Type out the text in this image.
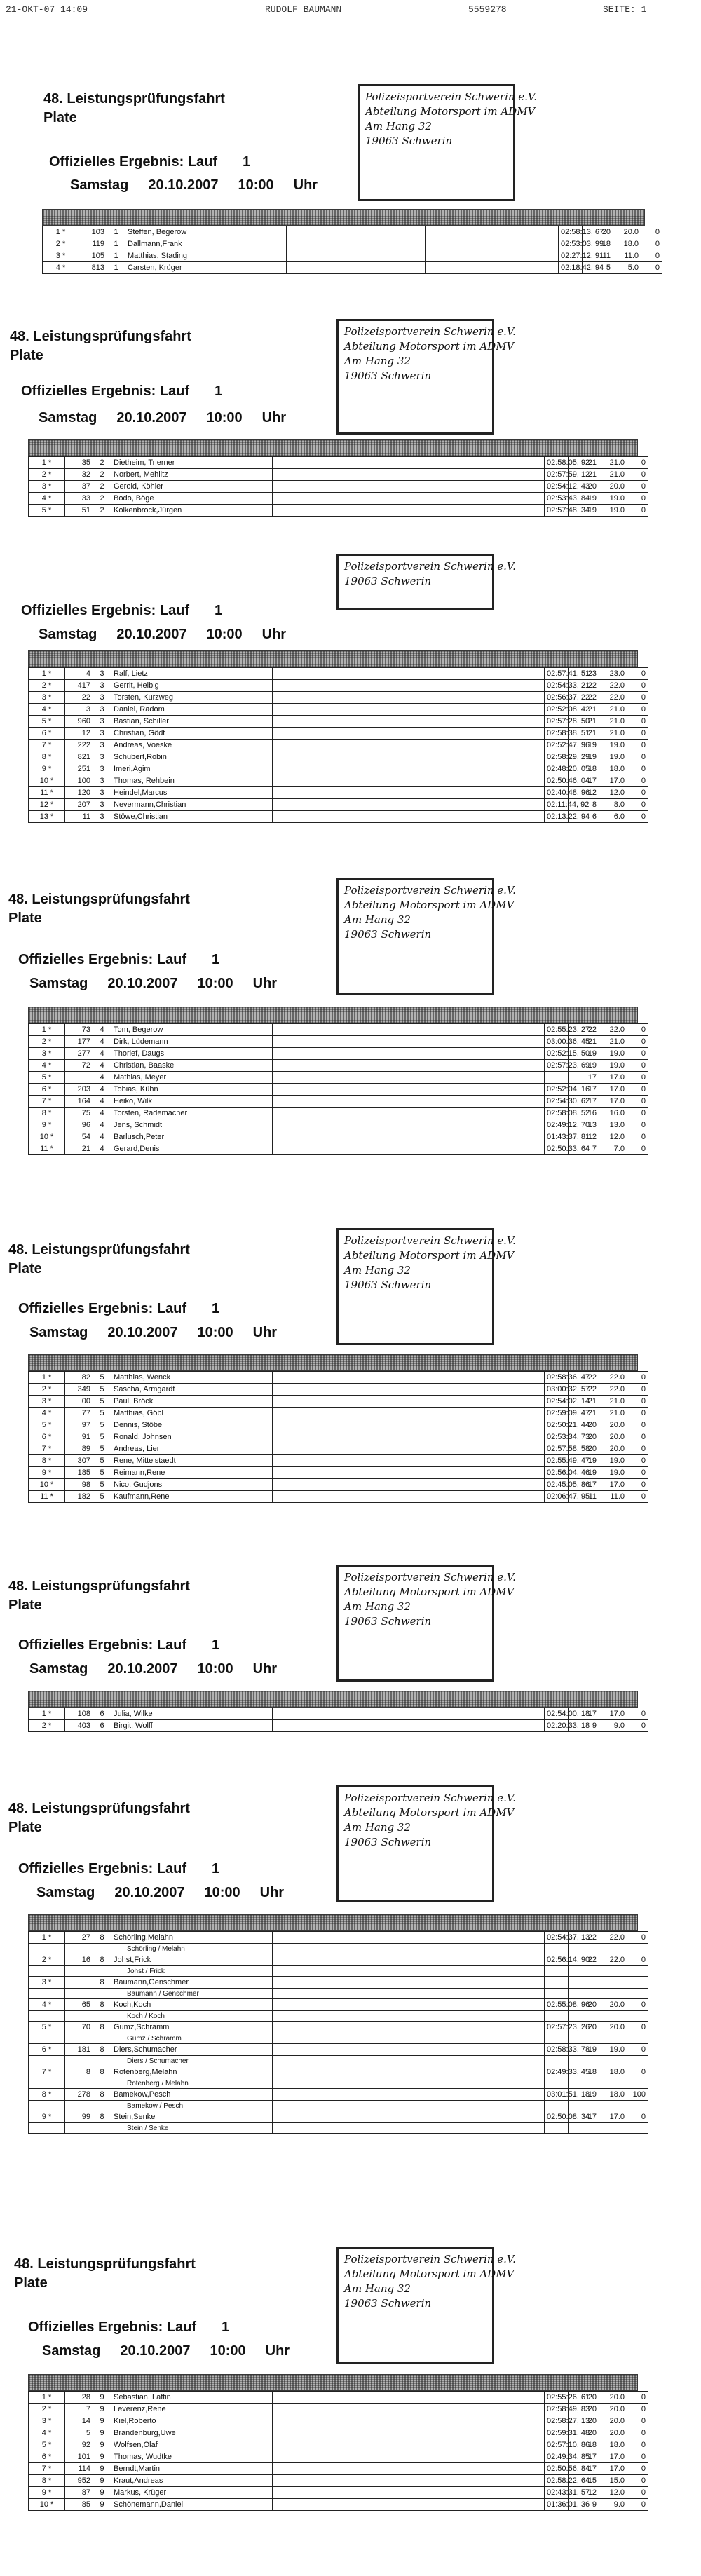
21-OKT-07 14:09	RUDOLF BAUMANN	5559278	SEITE: 1
48. Leistungsprüfungsfahrt
Plate
Polizeisportverein Schwerin e.V.
Abteilung Motorsport im ADMV
Am Hang 32
19063 Schwerin
Offizielles Ergebnis: Lauf 1
Samstag 20.10.2007 10:00 Uhr
1 *	103	1	Steffen, Begerow				02:58:13, 67	20	20.0	0
2 *	119	1	Dallmann,Frank				02:53:03, 99	18	18.0	0
3 *	105	1	Matthias, Stading				02:27:12, 91	11	11.0	0
4 *	813	1	Carsten, Krüger				02:18:42, 94	5	5.0	0
48. Leistungsprüfungsfahrt
Plate
Polizeisportverein Schwerin e.V.
Abteilung Motorsport im ADMV
Am Hang 32
19063 Schwerin
Offizielles Ergebnis: Lauf 1
Samstag 20.10.2007 10:00 Uhr
1 *	35	2	Dietheim, Trierner				02:58:05, 92	21	21.0	0
2 *	32	2	Norbert, Mehlitz				02:57:59, 12	21	21.0	0
3 *	37	2	Gerold, Köhler				02:54:12, 43	20	20.0	0
4 *	33	2	Bodo, Böge				02:53:43, 84	19	19.0	0
5 *	51	2	Kolkenbrock,Jürgen				02:57:48, 34	19	19.0	0
Polizeisportverein Schwerin e.V.
19063 Schwerin
Offizielles Ergebnis: Lauf 1
Samstag 20.10.2007 10:00 Uhr
1 *	4	3	Ralf, Lietz				02:57:41, 51	23	23.0	0
2 *	417	3	Gerrit, Helbig				02:54:33, 21	22	22.0	0
3 *	22	3	Torsten, Kurzweg				02:56:37, 22	22	22.0	0
4 *	3	3	Daniel, Radom				02:52:08, 42	21	21.0	0
5 *	960	3	Bastian, Schiller				02:57:28, 50	21	21.0	0
6 *	12	3	Christian, Gödt				02:58:38, 51	21	21.0	0
7 *	222	3	Andreas, Voeske				02:52:47, 96	19	19.0	0
8 *	821	3	Schubert,Robin				02:58:29, 29	19	19.0	0
9 *	251	3	Imeri,Agim				02:48:20, 05	18	18.0	0
10 *	100	3	Thomas, Rehbein				02:50:46, 04	17	17.0	0
11 *	120	3	Heindel,Marcus				02:40:48, 96	12	12.0	0
12 *	207	3	Nevermann,Christian				02:11:44, 92	8	8.0	0
13 *	11	3	Stöwe,Christian				02:13:22, 94	6	6.0	0
48. Leistungsprüfungsfahrt
Plate
Polizeisportverein Schwerin e.V.
Abteilung Motorsport im ADMV
Am Hang 32
19063 Schwerin
Offizielles Ergebnis: Lauf 1
Samstag 20.10.2007 10:00 Uhr
1 *	73	4	Tom, Begerow				02:55:23, 27	22	22.0	0
2 *	177	4	Dirk, Lüdemann				03:00:36, 45	21	21.0	0
3 *	277	4	Thorlef, Daugs				02:52:15, 50	19	19.0	0
4 *	72	4	Christian, Baaske				02:57:23, 69	19	19.0	0
5 *		4	Mathias, Meyer					17	17.0	0
6 *	203	4	Tobias, Kühn				02:52:04, 16	17	17.0	0
7 *	164	4	Heiko, Wilk				02:54:30, 62	17	17.0	0
8 *	75	4	Torsten, Rademacher				02:58:08, 52	16	16.0	0
9 *	96	4	Jens, Schmidt				02:49:12, 70	13	13.0	0
10 *	54	4	Barlusch,Peter				01:43:37, 81	12	12.0	0
11 *	21	4	Gerard,Denis				02:50:33, 64	7	7.0	0
48. Leistungsprüfungsfahrt
Plate
Polizeisportverein Schwerin e.V.
Abteilung Motorsport im ADMV
Am Hang 32
19063 Schwerin
Offizielles Ergebnis: Lauf 1
Samstag 20.10.2007 10:00 Uhr
1 *	82	5	Matthias, Wenck				02:58:36, 47	22	22.0	0
2 *	349	5	Sascha, Armgardt				03:00:32, 57	22	22.0	0
3 *	00	5	Paul, Bröckl				02:54:02, 14	21	21.0	0
4 *	77	5	Matthias, Göbl				02:59:09, 47	21	21.0	0
5 *	97	5	Dennis, Stöbe				02:50:21, 44	20	20.0	0
6 *	91	5	Ronald, Johnsen				02:53:34, 73	20	20.0	0
7 *	89	5	Andreas, Lier				02:57:58, 58	20	20.0	0
8 *	307	5	Rene, Mittelstaedt				02:55:49, 47	19	19.0	0
9 *	185	5	Reimann,Rene				02:56:04, 46	19	19.0	0
10 *	98	5	Nico, Gudjons				02:45:05, 86	17	17.0	0
11 *	182	5	Kaufmann,Rene				02:06:47, 95	11	11.0	0
48. Leistungsprüfungsfahrt
Plate
Polizeisportverein Schwerin e.V.
Abteilung Motorsport im ADMV
Am Hang 32
19063 Schwerin
Offizielles Ergebnis: Lauf 1
Samstag 20.10.2007 10:00 Uhr
1 *	108	6	Julia, Wilke				02:54:00, 18	17	17.0	0
2 *	403	6	Birgit, Wolff				02:20:33, 18	9	9.0	0
48. Leistungsprüfungsfahrt
Plate
Polizeisportverein Schwerin e.V.
Abteilung Motorsport im ADMV
Am Hang 32
19063 Schwerin
Offizielles Ergebnis: Lauf 1
Samstag 20.10.2007 10:00 Uhr
1 *	27	8	Schörling,Melahn				02:54:37, 13	22	22.0	0
			Schörling / Melahn							
2 *	16	8	Johst,Frick				02:56:14, 90	22	22.0	0
			Johst / Frick							
3 *		8	Baumann,Genschmer							
			Baumann / Genschmer							
4 *	65	8	Koch,Koch				02:55:08, 96	20	20.0	0
			Koch / Koch							
5 *	70	8	Gumz,Schramm				02:57:23, 26	20	20.0	0
			Gumz / Schramm							
6 *	181	8	Diers,Schumacher				02:58:33, 78	19	19.0	0
			Diers / Schumacher							
7 *	8	8	Rotenberg,Melahn				02:49:33, 45	18	18.0	0
			Rotenberg / Melahn							
8 *	278	8	Bamekow,Pesch				03:01:51, 18	19	18.0	100
			Bamekow / Pesch							
9 *	99	8	Stein,Senke				02:50:08, 34	17	17.0	0
			Stein / Senke							
48. Leistungsprüfungsfahrt
Plate
Polizeisportverein Schwerin e.V.
Abteilung Motorsport im ADMV
Am Hang 32
19063 Schwerin
Offizielles Ergebnis: Lauf 1
Samstag 20.10.2007 10:00 Uhr
1 *	28	9	Sebastian, Laffin				02:55:26, 61	20	20.0	0
2 *	7	9	Leverenz,Rene				02:58:49, 83	20	20.0	0
3 *	14	9	Kiel,Roberto				02:58:27, 13	20	20.0	0
4 *	5	9	Brandenburg,Uwe				02:59:31, 48	20	20.0	0
5 *	92	9	Wolfsen,Olaf				02:57:10, 86	18	18.0	0
6 *	101	9	Thomas, Wudtke				02:49:34, 85	17	17.0	0
7 *	114	9	Berndt,Martin				02:50:56, 84	17	17.0	0
8 *	952	9	Kraut,Andreas				02:58:22, 64	15	15.0	0
9 *	87	9	Markus, Krüger				02:43:31, 57	12	12.0	0
10 *	85	9	Schönemann,Daniel				01:36:01, 36	9	9.0	0
